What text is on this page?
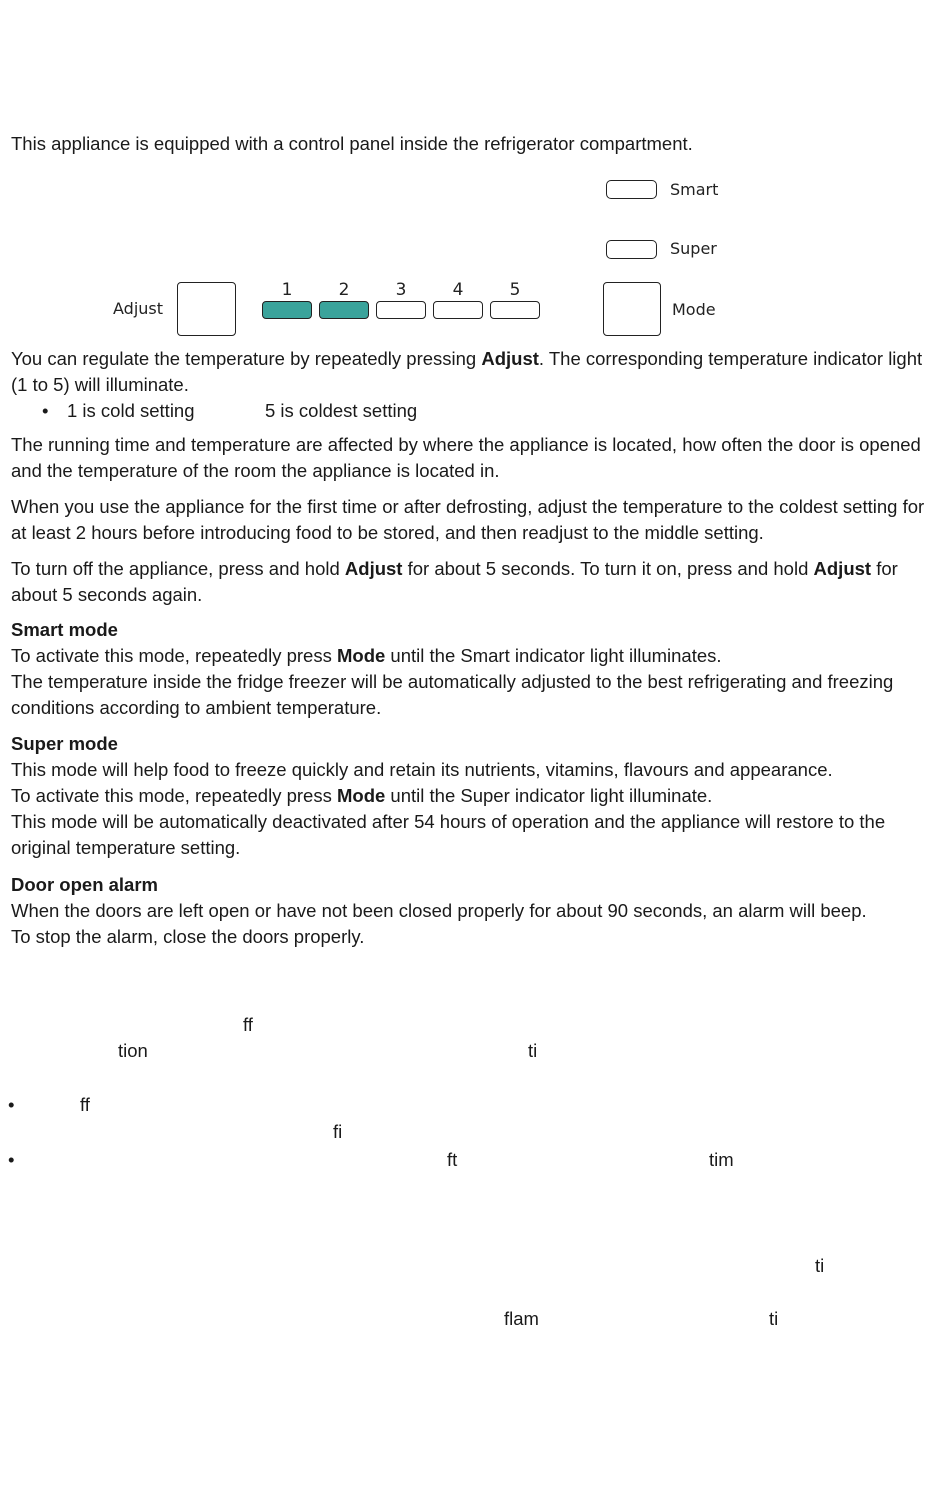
This appliance is equipped with a control panel inside the refrigerator compartment.
Smart
Super
Adjust
1	2	3	4	5
Mode
You can regulate the temperature by repeatedly pressing Adjust. The corresponding temperature indicator light (1 to 5) will illuminate.
• 1 is cold setting	5 is coldest setting
The running time and temperature are affected by where the appliance is located, how often the door is opened and the temperature of the room the appliance is located in.
When you use the appliance for the first time or after defrosting, adjust the temperature to the coldest setting for at least 2 hours before introducing food to be stored, and then readjust to the middle setting.
To turn off the appliance, press and hold Adjust for about 5 seconds. To turn it on, press and hold Adjust for about 5 seconds again.
Smart mode
To activate this mode, repeatedly press Mode until the Smart indicator light illuminates.
The temperature inside the fridge freezer will be automatically adjusted to the best refrigerating and freezing conditions according to ambient temperature.
Super mode
This mode will help food to freeze quickly and retain its nutrients, vitamins, flavours and appearance.
To activate this mode, repeatedly press Mode until the Super indicator light illuminate.
This mode will be automatically deactivated after 54 hours of operation and the appliance will restore to the original temperature setting.
Door open alarm
When the doors are left open or have not been closed properly for about 90 seconds, an alarm will beep.
To stop the alarm, close the doors properly.
ff
tion	ti
•	ff
fi
•	ft	tim
ti
flam	ti
